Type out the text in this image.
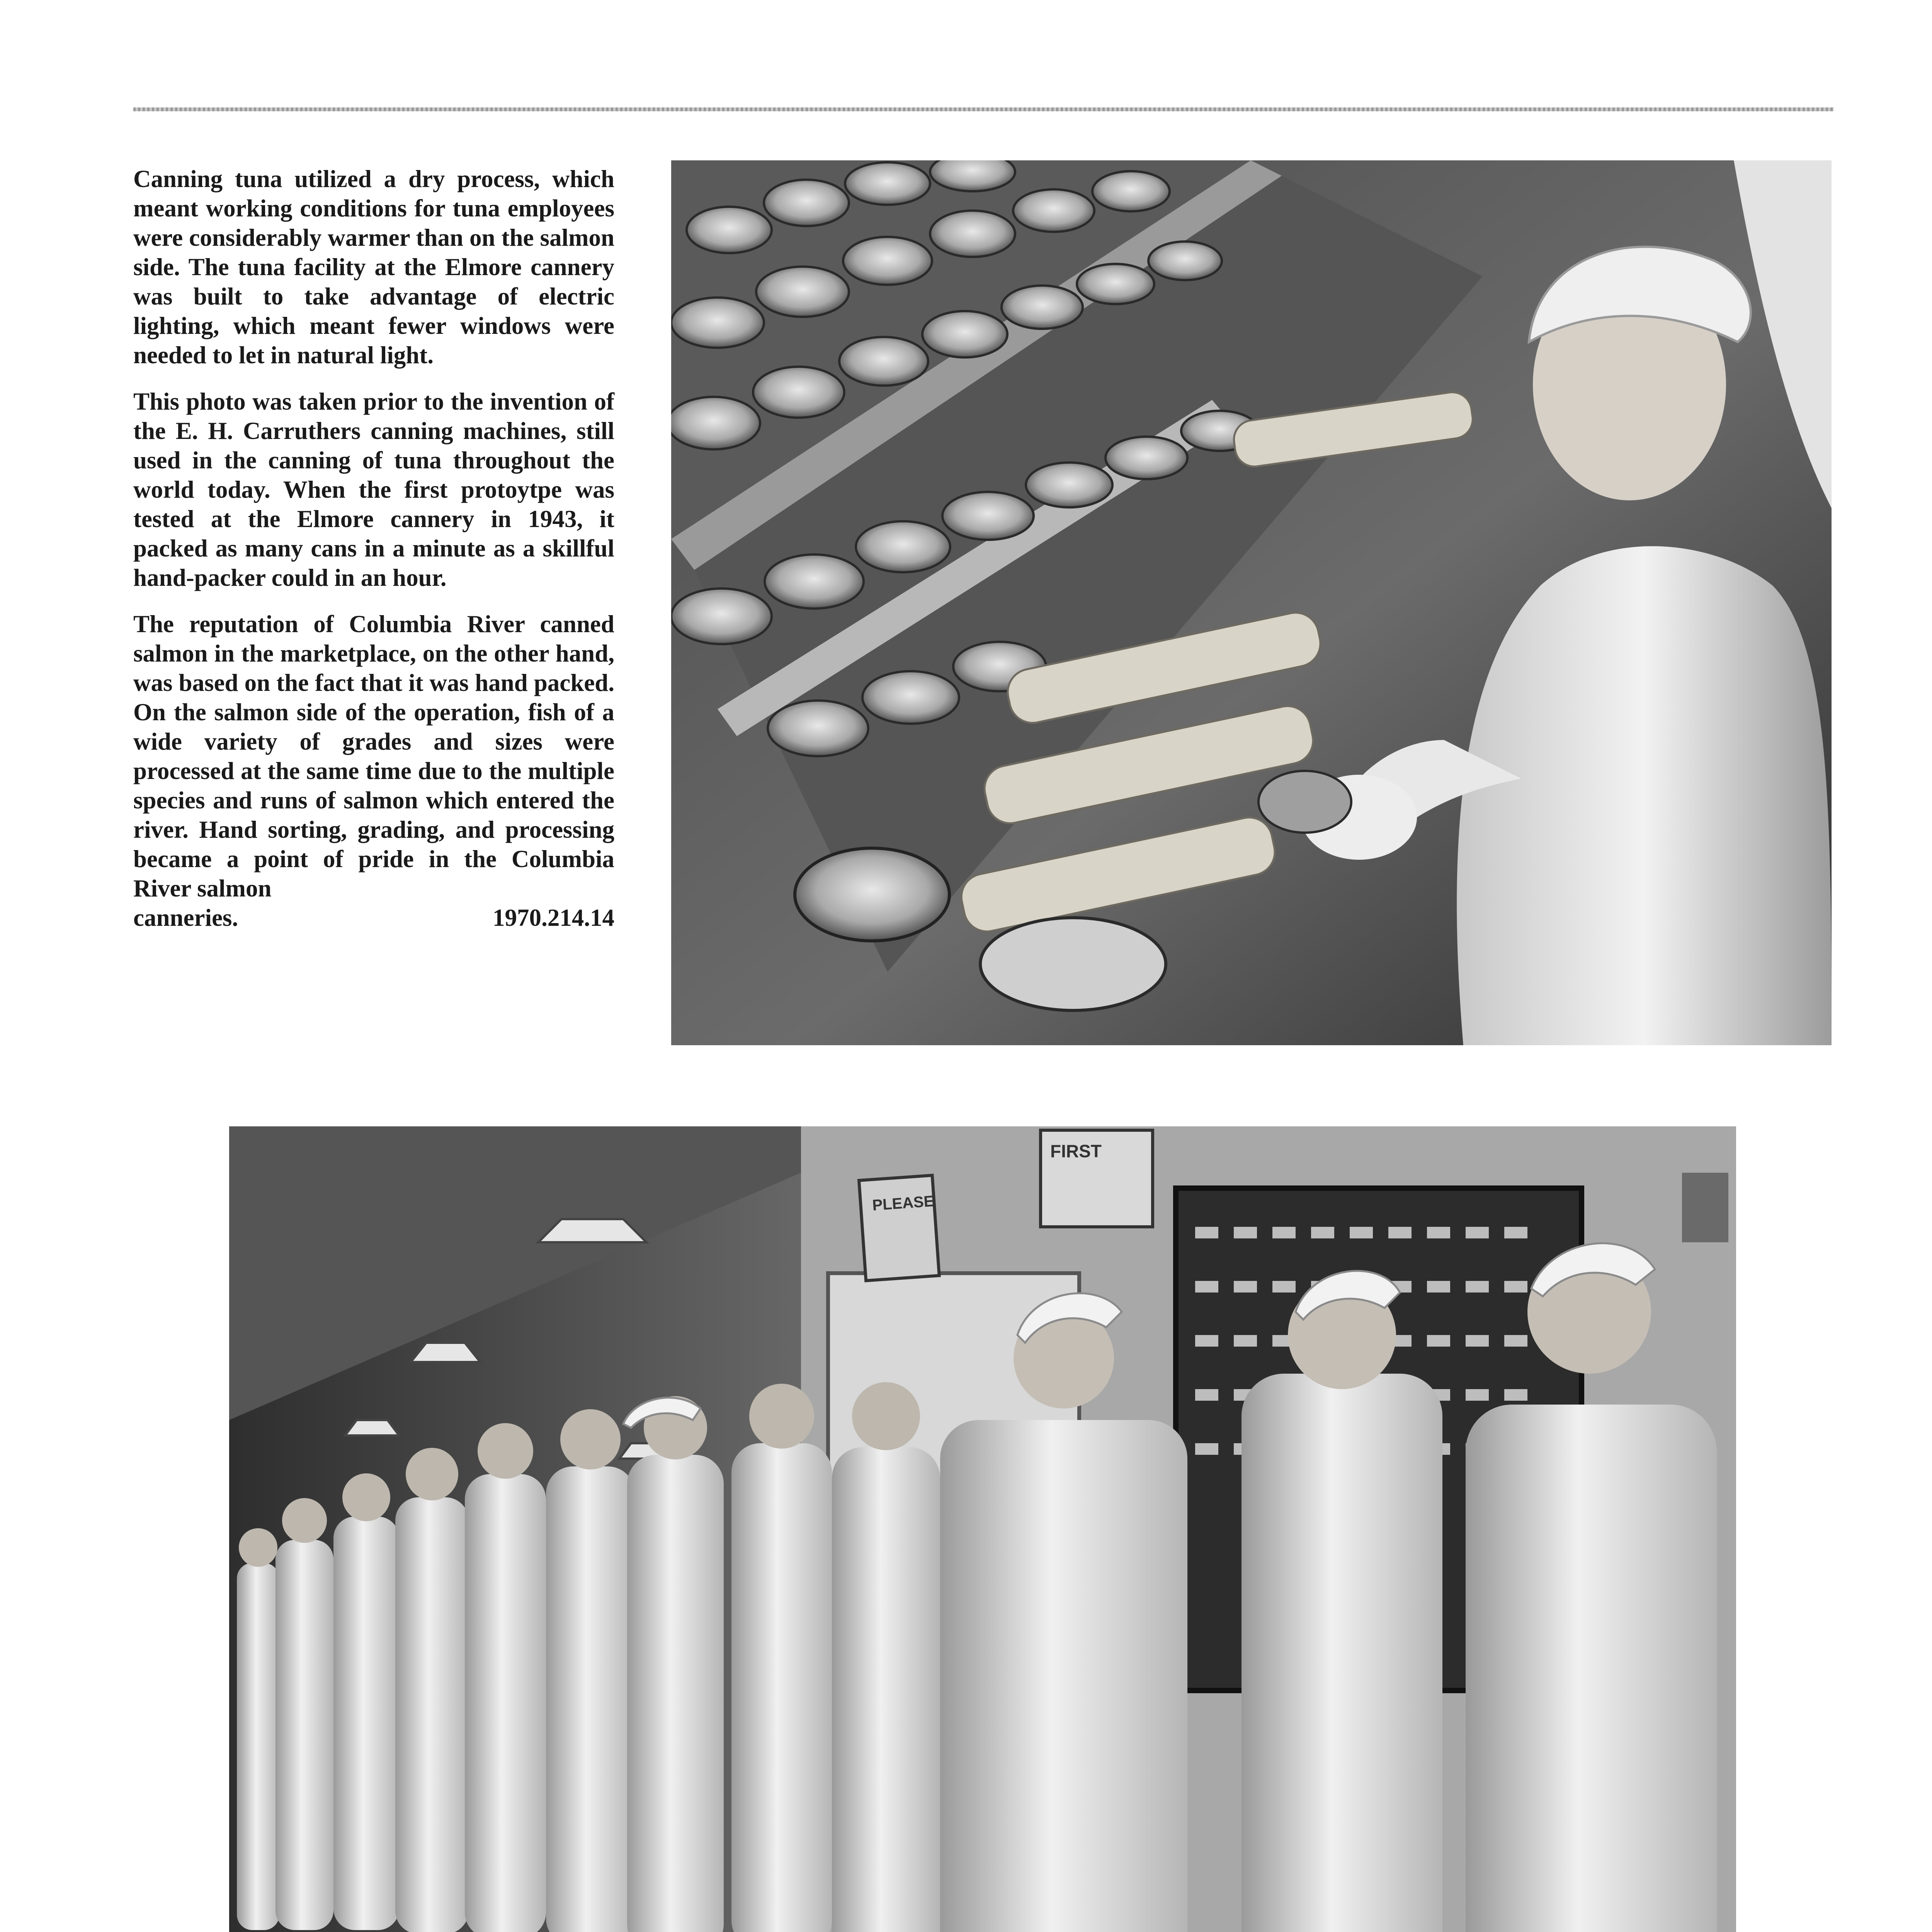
Canning tuna utilized a dry process, which meant working conditions for tuna employees were considerably warmer than on the salmon side. The tuna facility at the Elmore cannery was built to take advantage of electric lighting, which meant fewer windows were needed to let in natural light.

This photo was taken prior to the invention of the E. H. Carruthers canning machines, still used in the canning of tuna throughout the world today. When the first protoytpe was tested at the Elmore cannery in 1943, it packed as many cans in a minute as a skillful hand-packer could in an hour.

The reputation of Columbia River canned salmon in the marketplace, on the other hand, was based on the fact that it was hand packed. On the salmon side of the operation, fish of a wide variety of grades and sizes were processed at the same time due to the multiple species and runs of salmon which entered the river. Hand sorting, grading, and processing became a point of pride in the Columbia River salmon

canneries.	1970.214.14
PLEASE
FIRST
